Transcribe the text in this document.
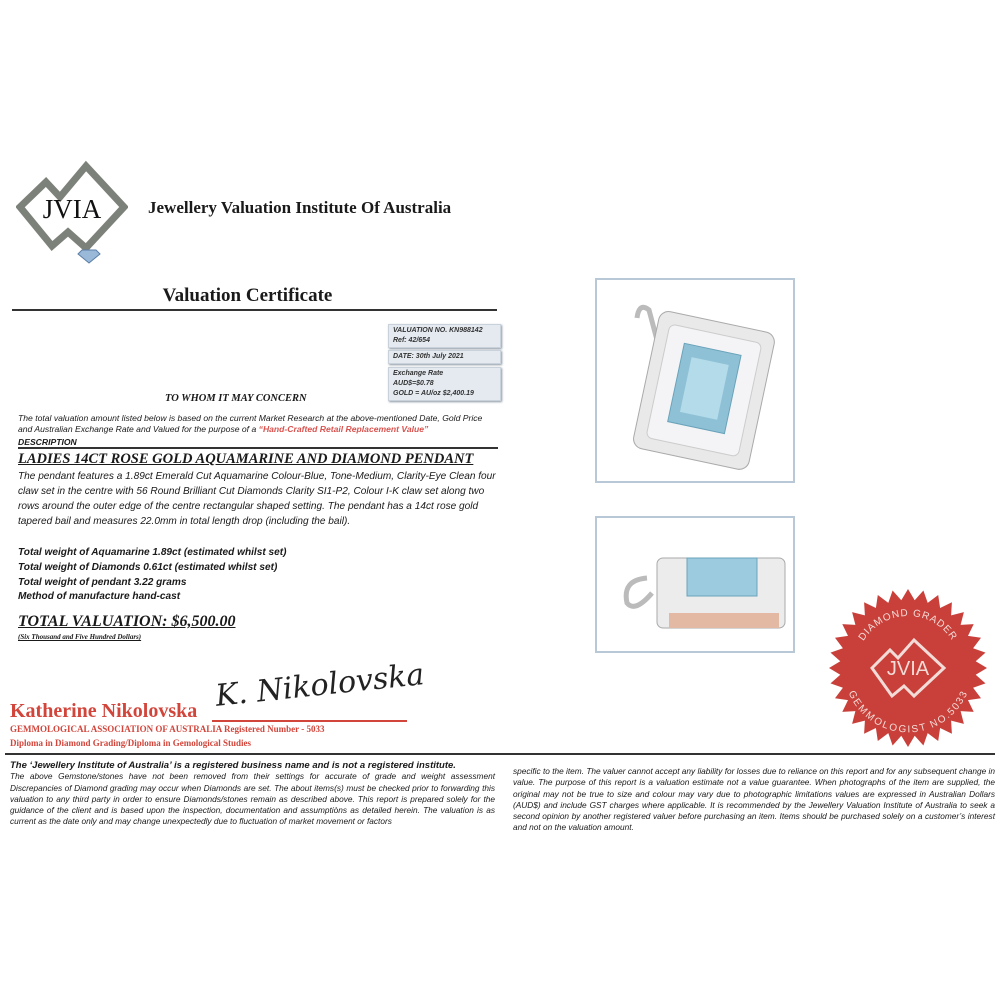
JVIA	Jewellery Valuation Institute Of Australia
Valuation Certificate
VALUATION NO. KN988142
Ref: 42/654
DATE: 30th July 2021
Exchange Rate
AUD$=$0.78
GOLD = AU/oz $2,400.19
TO WHOM IT MAY CONCERN
The total valuation amount listed below is based on the current Market Research at the above-mentioned Date, Gold Price and Australian Exchange Rate and Valued for the purpose of a “Hand-Crafted Retail Replacement Value”
DESCRIPTION
LADIES 14CT ROSE GOLD AQUAMARINE AND DIAMOND PENDANT
The pendant features a 1.89ct Emerald Cut Aquamarine Colour-Blue, Tone-Medium, Clarity-Eye Clean four claw set in the centre with 56 Round Brilliant Cut Diamonds Clarity SI1-P2, Colour I-K claw set along two rows around the outer edge of the centre rectangular shaped setting. The pendant has a 14ct rose gold tapered bail and measures 22.0mm in total length drop (including the bail).
Total weight of Aquamarine 1.89ct (estimated whilst set)
Total weight of Diamonds 0.61ct (estimated whilst set)
Total weight of pendant 3.22 grams
Method of manufacture hand-cast
TOTAL VALUATION: $6,500.00
(Six Thousand and Five Hundred Dollars)
Katherine Nikolovska K. Nikolovska
GEMMOLOGICAL ASSOCIATION OF AUSTRALIA Registered Number - 5033
Diploma in Diamond Grading/Diploma in Gemological Studies
DIAMOND GRADER
JVIA
GEMMOLOGIST NO.5033
The ‘Jewellery Institute of Australia’ is a registered business name and is not a registered institute.
The above Gemstone/stones have not been removed from their settings for accurate of grade and weight assessment Discrepancies of Diamond grading may occur when Diamonds are set. The about items(s) must be checked prior to forwarding this valuation to any third party in order to ensure Diamonds/stones remain as described above. This report is prepared solely for the guidance of the client and is based upon the inspection, documentation and assumptiòns as detailed herein. The valuation is as current as the date only and may change unexpectedly due to fluctuation of market movement or factors
specific to the item. The valuer cannot accept any liability for losses due to reliance on this report and for any subsequent change in value. The purpose of this report is a valuation estimate not a value guarantee. When photographs of the item are supplied, the original may not be true to size and colour may vary due to photographic limitations values are expressed in Australian Dollars (AUD$) and include GST charges where applicable. It is recommended by the Jewellery Valuation Institute of Australia to seek a second opinion by another registered valuer before purchasing an item. Items should be purchased solely on a customer’s interest and not on the valuation amount.
